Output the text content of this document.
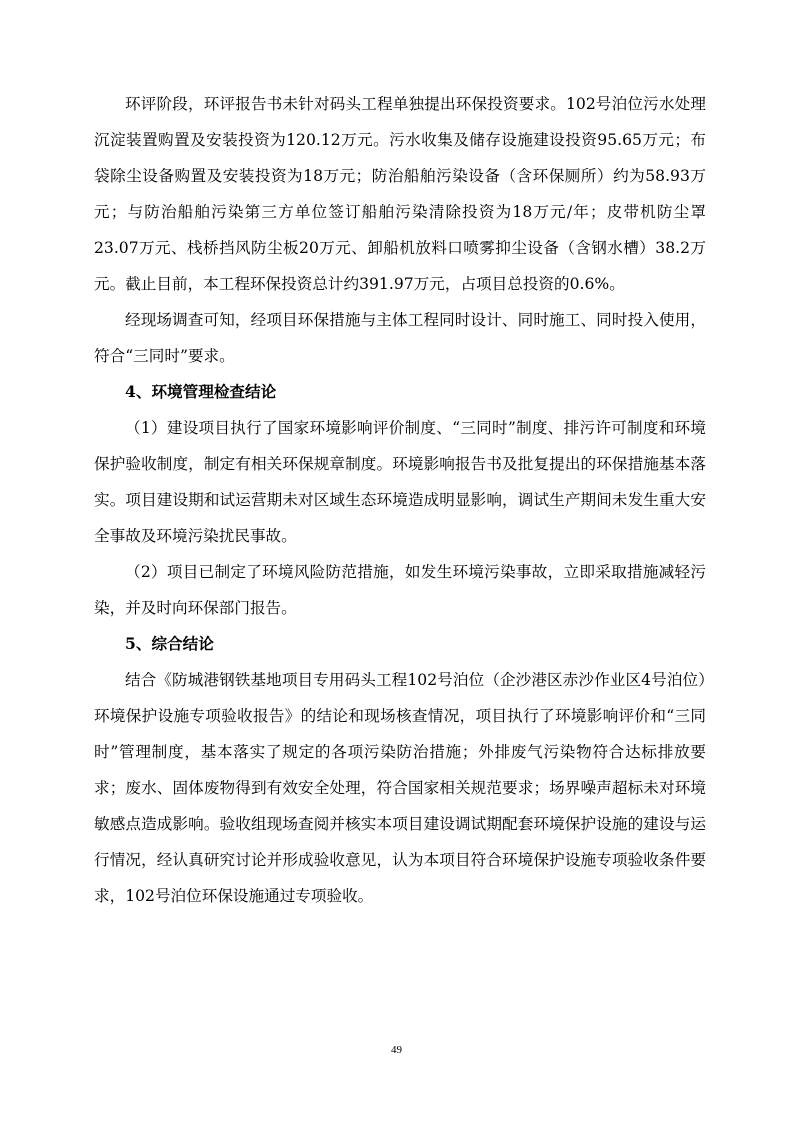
环评阶段，环评报告书未针对码头工程单独提出环保投资要求。102号泊位污水处理沉淀装置购置及安装投资为120.12万元。污水收集及储存设施建设投资95.65万元；布袋除尘设备购置及安装投资为18万元；防治船舶污染设备（含环保厕所）约为58.93万元；与防治船舶污染第三方单位签订船舶污染清除投资为18万元/年；皮带机防尘罩23.07万元、栈桥挡风防尘板20万元、卸船机放料口喷雾抑尘设备（含钢水槽）38.2万元。截止目前，本工程环保投资总计约391.97万元，占项目总投资的0.6%。

经现场调查可知，经项目环保措施与主体工程同时设计、同时施工、同时投入使用，符合“三同时”要求。

4、环境管理检查结论

（1）建设项目执行了国家环境影响评价制度、“三同时”制度、排污许可制度和环境保护验收制度，制定有相关环保规章制度。环境影响报告书及批复提出的环保措施基本落实。项目建设期和试运营期未对区域生态环境造成明显影响，调试生产期间未发生重大安全事故及环境污染扰民事故。

（2）项目已制定了环境风险防范措施，如发生环境污染事故，立即采取措施减轻污染，并及时向环保部门报告。

5、综合结论

结合《防城港钢铁基地项目专用码头工程102号泊位（企沙港区赤沙作业区4号泊位）环境保护设施专项验收报告》的结论和现场核查情况，项目执行了环境影响评价和“三同时”管理制度，基本落实了规定的各项污染防治措施；外排废气污染物符合达标排放要求；废水、固体废物得到有效安全处理，符合国家相关规范要求；场界噪声超标未对环境敏感点造成影响。验收组现场查阅并核实本项目建设调试期配套环境保护设施的建设与运行情况，经认真研究讨论并形成验收意见，认为本项目符合环境保护设施专项验收条件要求，102号泊位环保设施通过专项验收。

49
